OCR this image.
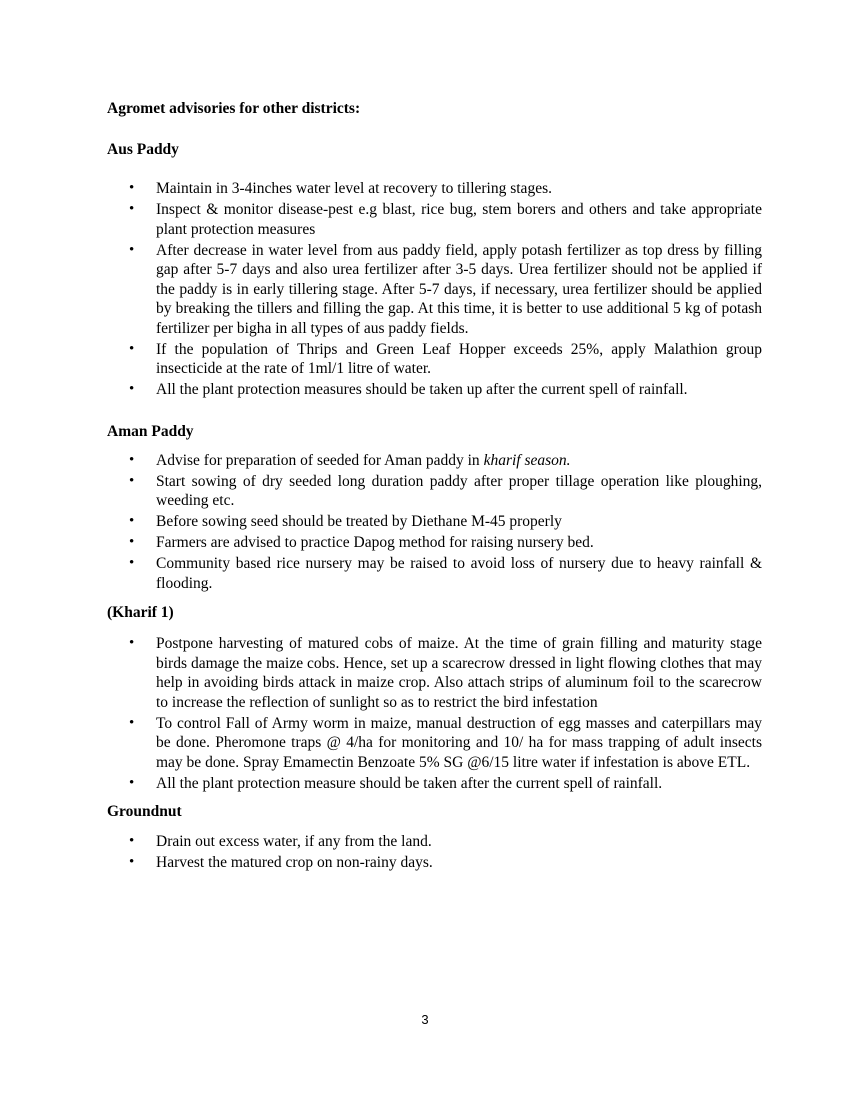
Agromet advisories for other districts:
Aus Paddy
• Maintain in 3-4inches water level at recovery to tillering stages.
• Inspect & monitor disease-pest e.g blast, rice bug, stem borers and others and take appropriate plant protection measures
• After decrease in water level from aus paddy field, apply potash fertilizer as top dress by filling gap after 5-7 days and also urea fertilizer after 3-5 days. Urea fertilizer should not be applied if the paddy is in early tillering stage. After 5-7 days, if necessary, urea fertilizer should be applied by breaking the tillers and filling the gap. At this time, it is better to use additional 5 kg of potash fertilizer per bigha in all types of aus paddy fields.
• If the population of Thrips and Green Leaf Hopper exceeds 25%, apply Malathion group insecticide at the rate of 1ml/1 litre of water.
• All the plant protection measures should be taken up after the current spell of rainfall.
Aman Paddy
• Advise for preparation of seeded for Aman paddy in kharif season.
• Start sowing of dry seeded long duration paddy after proper tillage operation like ploughing, weeding etc.
• Before sowing seed should be treated by Diethane M-45 properly
• Farmers are advised to practice Dapog method for raising nursery bed.
• Community based rice nursery may be raised to avoid loss of nursery due to heavy rainfall & flooding.
(Kharif 1)
• Postpone harvesting of matured cobs of maize. At the time of grain filling and maturity stage birds damage the maize cobs. Hence, set up a scarecrow dressed in light flowing clothes that may help in avoiding birds attack in maize crop. Also attach strips of aluminum foil to the scarecrow to increase the reflection of sunlight so as to restrict the bird infestation
• To control Fall of Army worm in maize, manual destruction of egg masses and caterpillars may be done. Pheromone traps @ 4/ha for monitoring and 10/ ha for mass trapping of adult insects may be done. Spray Emamectin Benzoate 5% SG @6/15 litre water if infestation is above ETL.
• All the plant protection measure should be taken after the current spell of rainfall.
Groundnut
• Drain out excess water, if any from the land.
• Harvest the matured crop on non-rainy days.
3
